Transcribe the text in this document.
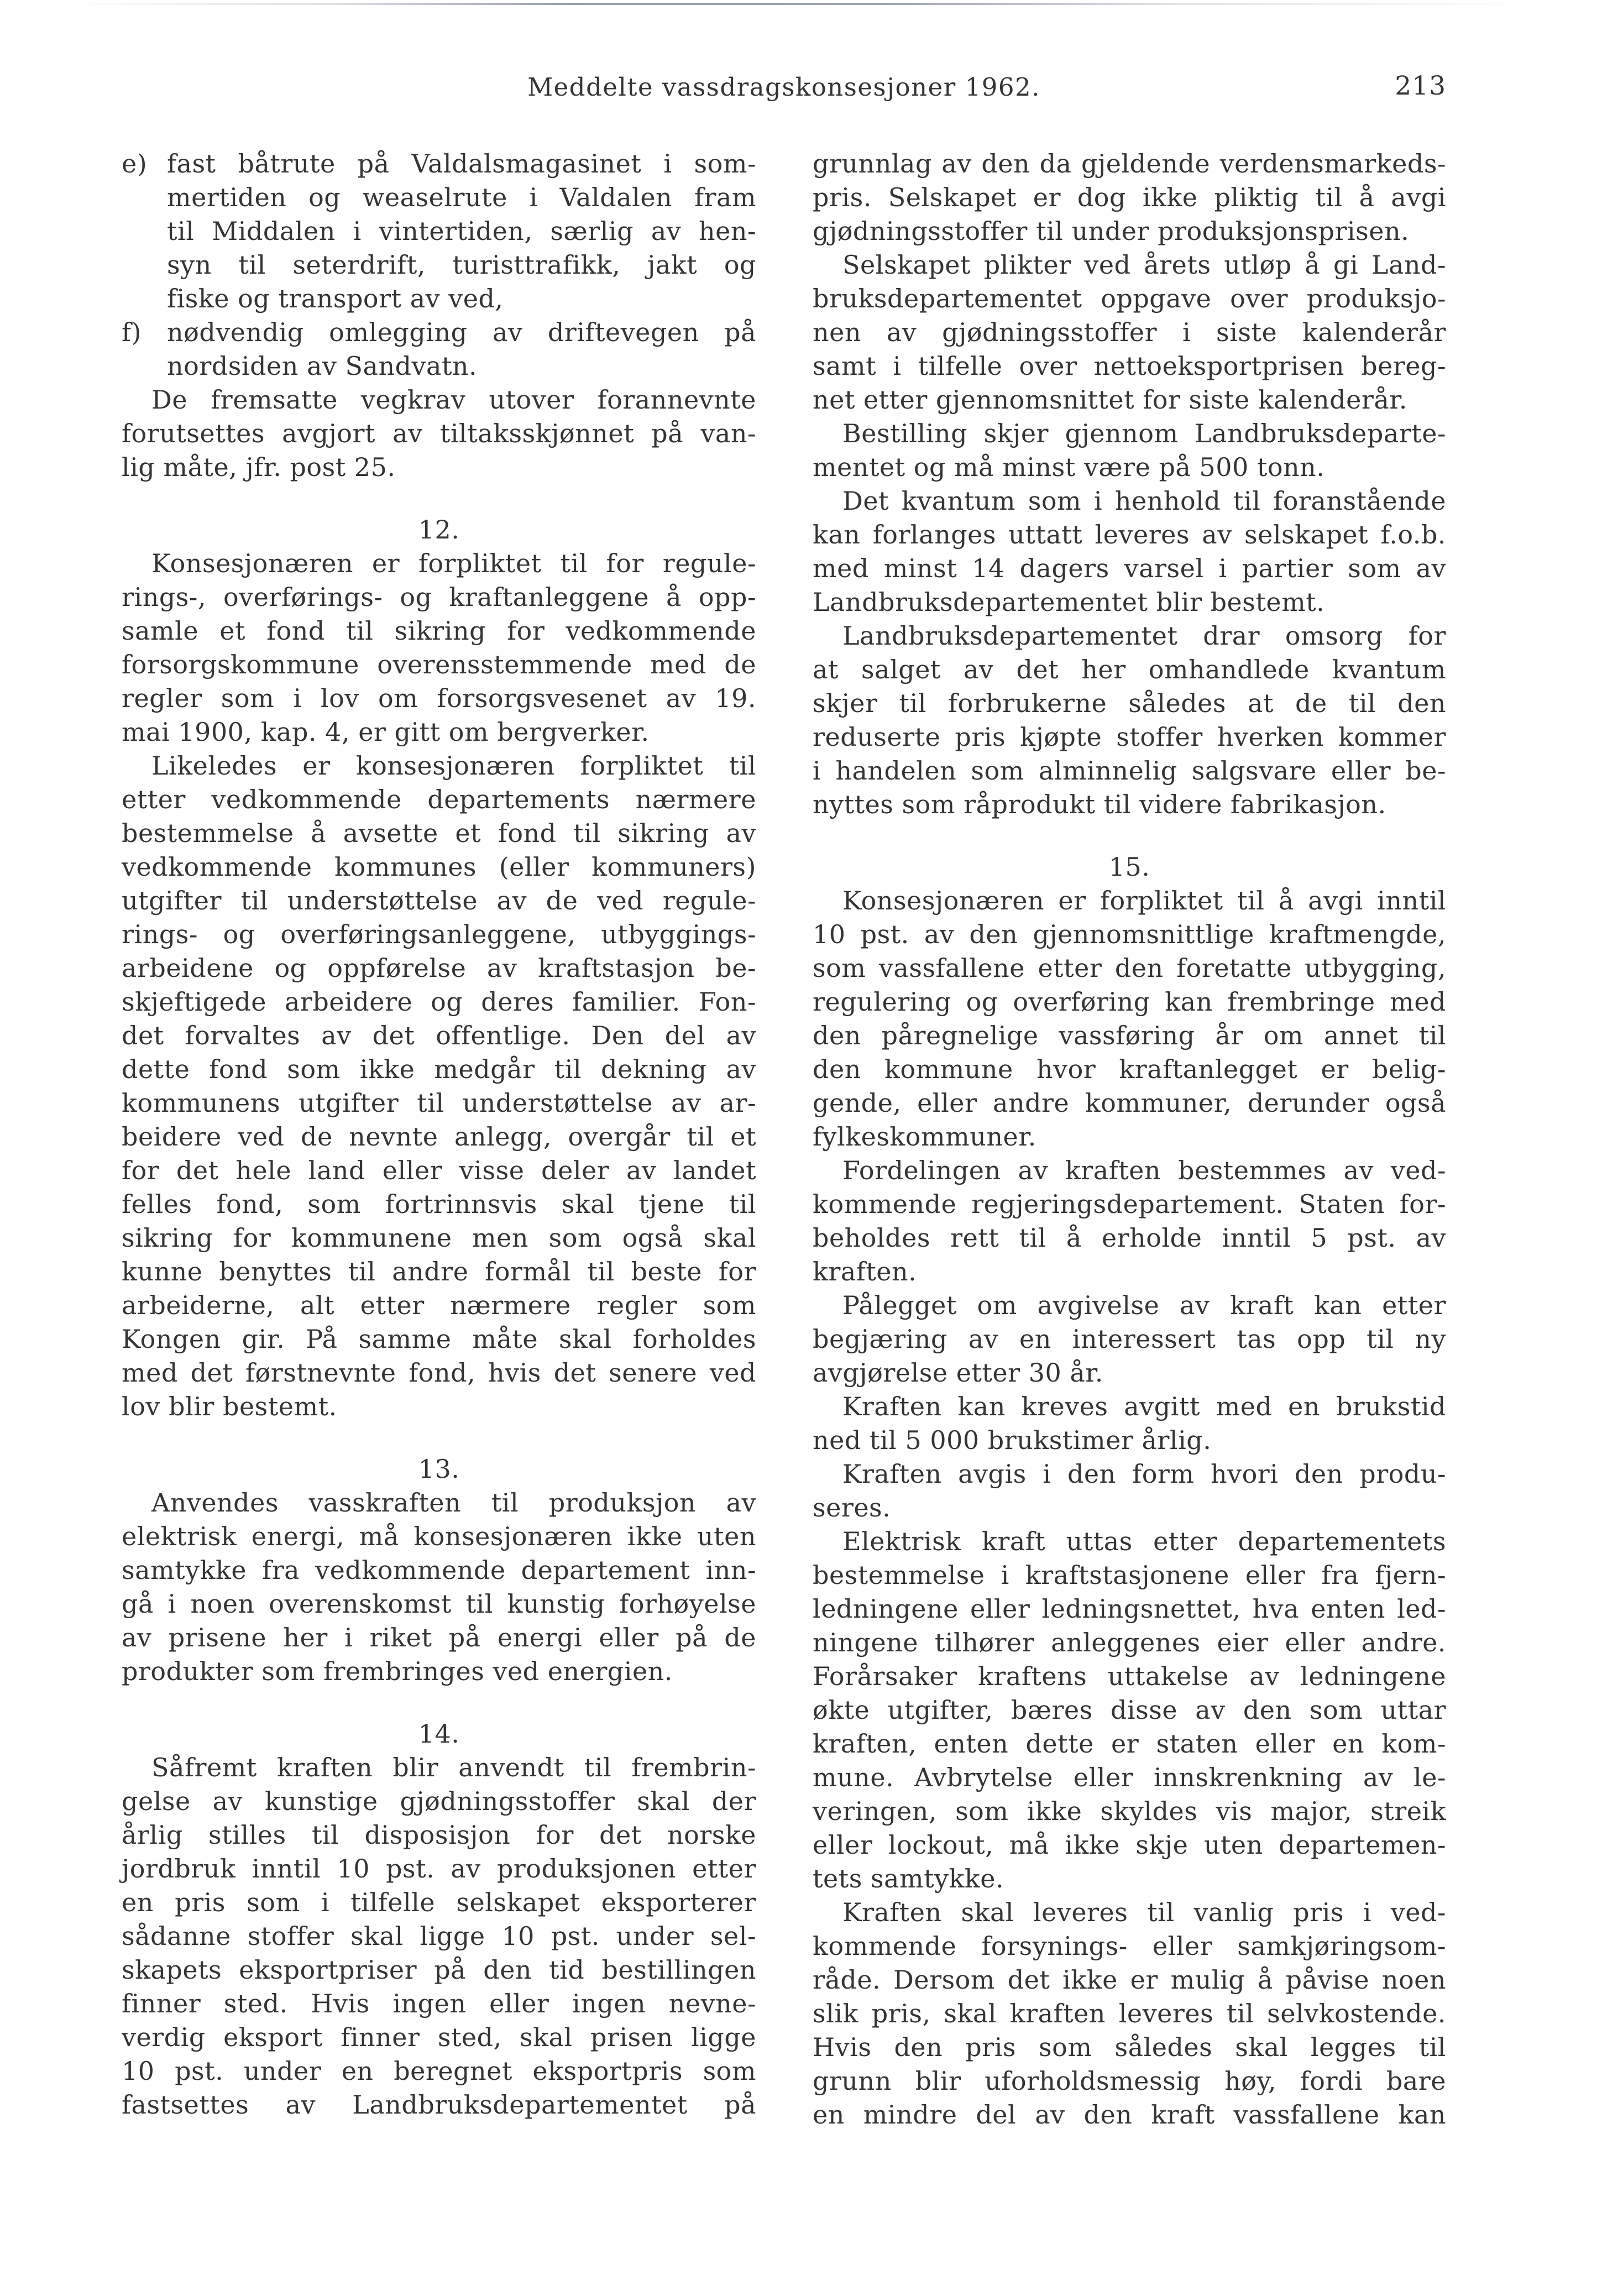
Meddelte vassdragskonsesjoner 1962.	213
e) fast båtrute på Valdalsmagasinet i som-
mertiden og weaselrute i Valdalen fram
til Middalen i vintertiden, særlig av hen-
syn til seterdrift, turisttrafikk, jakt og
fiske og transport av ved,
f) nødvendig omlegging av driftevegen på
nordsiden av Sandvatn.
De fremsatte vegkrav utover forannevnte
forutsettes avgjort av tiltaksskjønnet på van-
lig måte, jfr. post 25.
12.
Konsesjonæren er forpliktet til for regule-
rings-, overførings- og kraftanleggene å opp-
samle et fond til sikring for vedkommende
forsorgskommune overensstemmende med de
regler som i lov om forsorgsvesenet av 19.
mai 1900, kap. 4, er gitt om bergverker.
Likeledes er konsesjonæren forpliktet til
etter vedkommende departements nærmere
bestemmelse å avsette et fond til sikring av
vedkommende kommunes (eller kommuners)
utgifter til understøttelse av de ved regule-
rings- og overføringsanleggene, utbyggings-
arbeidene og oppførelse av kraftstasjon be-
skjeftigede arbeidere og deres familier. Fon-
det forvaltes av det offentlige. Den del av
dette fond som ikke medgår til dekning av
kommunens utgifter til understøttelse av ar-
beidere ved de nevnte anlegg, overgår til et
for det hele land eller visse deler av landet
felles fond, som fortrinnsvis skal tjene til
sikring for kommunene men som også skal
kunne benyttes til andre formål til beste for
arbeiderne, alt etter nærmere regler som
Kongen gir. På samme måte skal forholdes
med det førstnevnte fond, hvis det senere ved
lov blir bestemt.
13.
Anvendes vasskraften til produksjon av
elektrisk energi, må konsesjonæren ikke uten
samtykke fra vedkommende departement inn-
gå i noen overenskomst til kunstig forhøyelse
av prisene her i riket på energi eller på de
produkter som frembringes ved energien.
14.
Såfremt kraften blir anvendt til frembrin-
gelse av kunstige gjødningsstoffer skal der
årlig stilles til disposisjon for det norske
jordbruk inntil 10 pst. av produksjonen etter
en pris som i tilfelle selskapet eksporterer
sådanne stoffer skal ligge 10 pst. under sel-
skapets eksportpriser på den tid bestillingen
finner sted. Hvis ingen eller ingen nevne-
verdig eksport finner sted, skal prisen ligge
10 pst. under en beregnet eksportpris som
fastsettes av Landbruksdepartementet på
grunnlag av den da gjeldende verdensmarkeds-
pris. Selskapet er dog ikke pliktig til å avgi
gjødningsstoffer til under produksjonsprisen.
Selskapet plikter ved årets utløp å gi Land-
bruksdepartementet oppgave over produksjo-
nen av gjødningsstoffer i siste kalenderår
samt i tilfelle over nettoeksportprisen bereg-
net etter gjennomsnittet for siste kalenderår.
Bestilling skjer gjennom Landbruksdeparte-
mentet og må minst være på 500 tonn.
Det kvantum som i henhold til foranstående
kan forlanges uttatt leveres av selskapet f.o.b.
med minst 14 dagers varsel i partier som av
Landbruksdepartementet blir bestemt.
Landbruksdepartementet drar omsorg for
at salget av det her omhandlede kvantum
skjer til forbrukerne således at de til den
reduserte pris kjøpte stoffer hverken kommer
i handelen som alminnelig salgsvare eller be-
nyttes som råprodukt til videre fabrikasjon.
15.
Konsesjonæren er forpliktet til å avgi inntil
10 pst. av den gjennomsnittlige kraftmengde,
som vassfallene etter den foretatte utbygging,
regulering og overføring kan frembringe med
den påregnelige vassføring år om annet til
den kommune hvor kraftanlegget er belig-
gende, eller andre kommuner, derunder også
fylkeskommuner.
Fordelingen av kraften bestemmes av ved-
kommende regjeringsdepartement. Staten for-
beholdes rett til å erholde inntil 5 pst. av
kraften.
Pålegget om avgivelse av kraft kan etter
begjæring av en interessert tas opp til ny
avgjørelse etter 30 år.
Kraften kan kreves avgitt med en brukstid
ned til 5 000 brukstimer årlig.
Kraften avgis i den form hvori den produ-
seres.
Elektrisk kraft uttas etter departementets
bestemmelse i kraftstasjonene eller fra fjern-
ledningene eller ledningsnettet, hva enten led-
ningene tilhører anleggenes eier eller andre.
Forårsaker kraftens uttakelse av ledningene
økte utgifter, bæres disse av den som uttar
kraften, enten dette er staten eller en kom-
mune. Avbrytelse eller innskrenkning av le-
veringen, som ikke skyldes vis major, streik
eller lockout, må ikke skje uten departemen-
tets samtykke.
Kraften skal leveres til vanlig pris i ved-
kommende forsynings- eller samkjøringsom-
råde. Dersom det ikke er mulig å påvise noen
slik pris, skal kraften leveres til selvkostende.
Hvis den pris som således skal legges til
grunn blir uforholdsmessig høy, fordi bare
en mindre del av den kraft vassfallene kan
